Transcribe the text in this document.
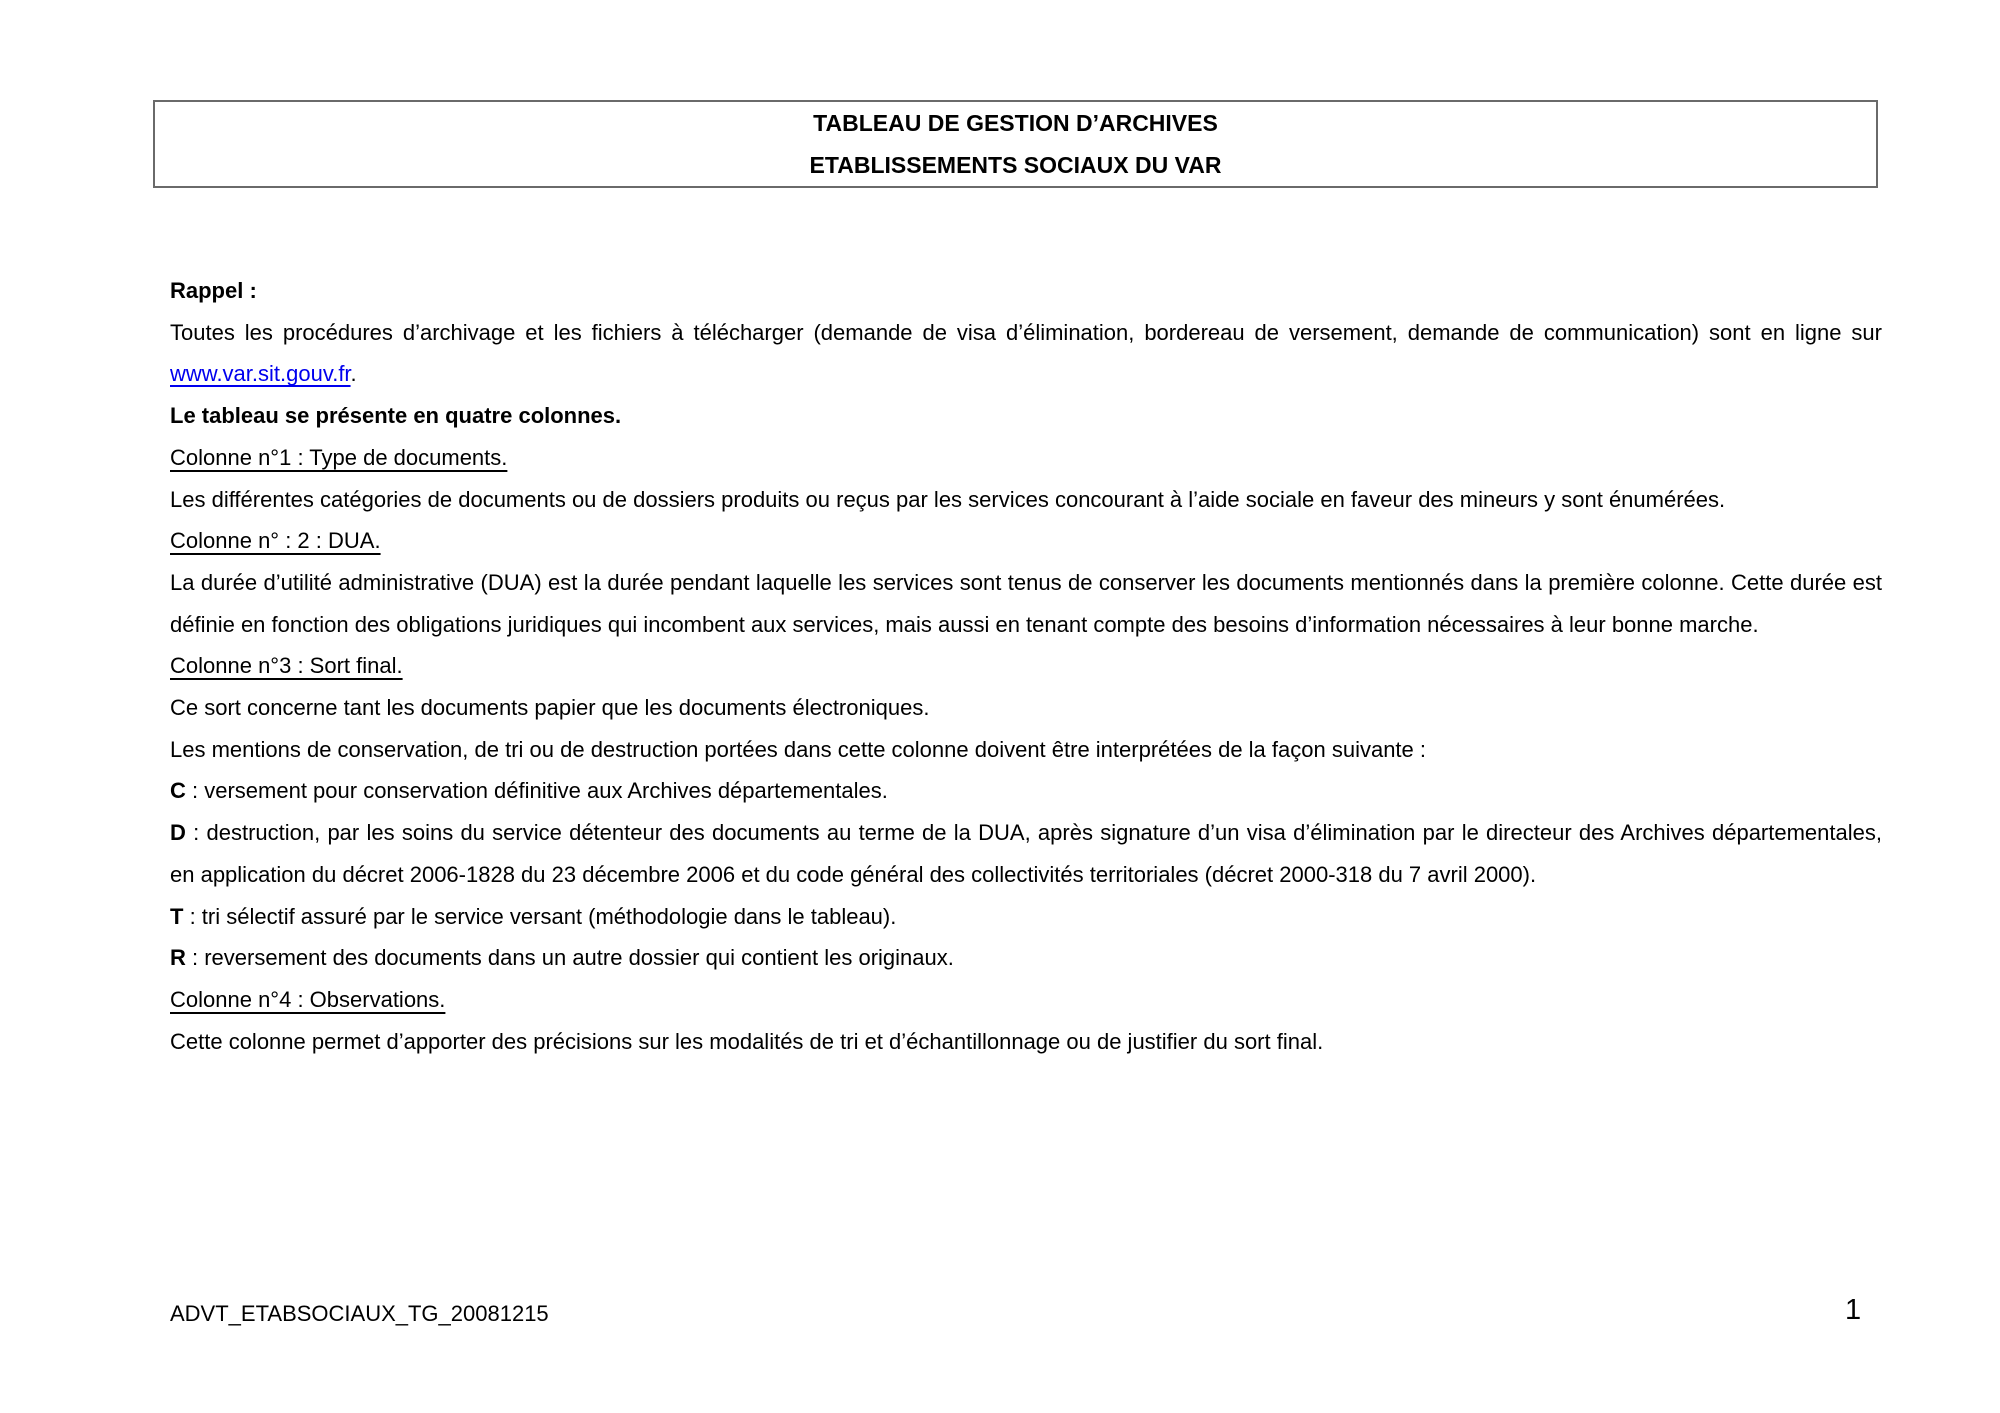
TABLEAU DE GESTION D’ARCHIVES
ETABLISSEMENTS SOCIAUX DU VAR

Rappel :

Toutes les procédures d’archivage et les fichiers à télécharger (demande de visa d’élimination, bordereau de versement, demande de communication) sont en ligne sur www.var.sit.gouv.fr.

Le tableau se présente en quatre colonnes.

Colonne n°1 : Type de documents.

Les différentes catégories de documents ou de dossiers produits ou reçus par les services concourant à l’aide sociale en faveur des mineurs y sont énumérées.

Colonne n° : 2 : DUA.

La durée d’utilité administrative (DUA) est la durée pendant laquelle les services sont tenus de conserver les documents mentionnés dans la première colonne. Cette durée est définie en fonction des obligations juridiques qui incombent aux services, mais aussi en tenant compte des besoins d’information nécessaires à leur bonne marche.

Colonne n°3 : Sort final.

Ce sort concerne tant les documents papier que les documents électroniques.

Les mentions de conservation, de tri ou de destruction portées dans cette colonne doivent être interprétées de la façon suivante :

C : versement pour conservation définitive aux Archives départementales.

D : destruction, par les soins du service détenteur des documents au terme de la DUA, après signature d’un visa d’élimination par le directeur des Archives départementales, en application du décret 2006-1828 du 23 décembre 2006 et du code général des collectivités territoriales (décret 2000-318 du 7 avril 2000).

T : tri sélectif assuré par le service versant (méthodologie dans le tableau).

R : reversement des documents dans un autre dossier qui contient les originaux.

Colonne n°4 : Observations.

Cette colonne permet d’apporter des précisions sur les modalités de tri et d’échantillonnage ou de justifier du sort final.

ADVT_ETABSOCIAUX_TG_20081215	1
